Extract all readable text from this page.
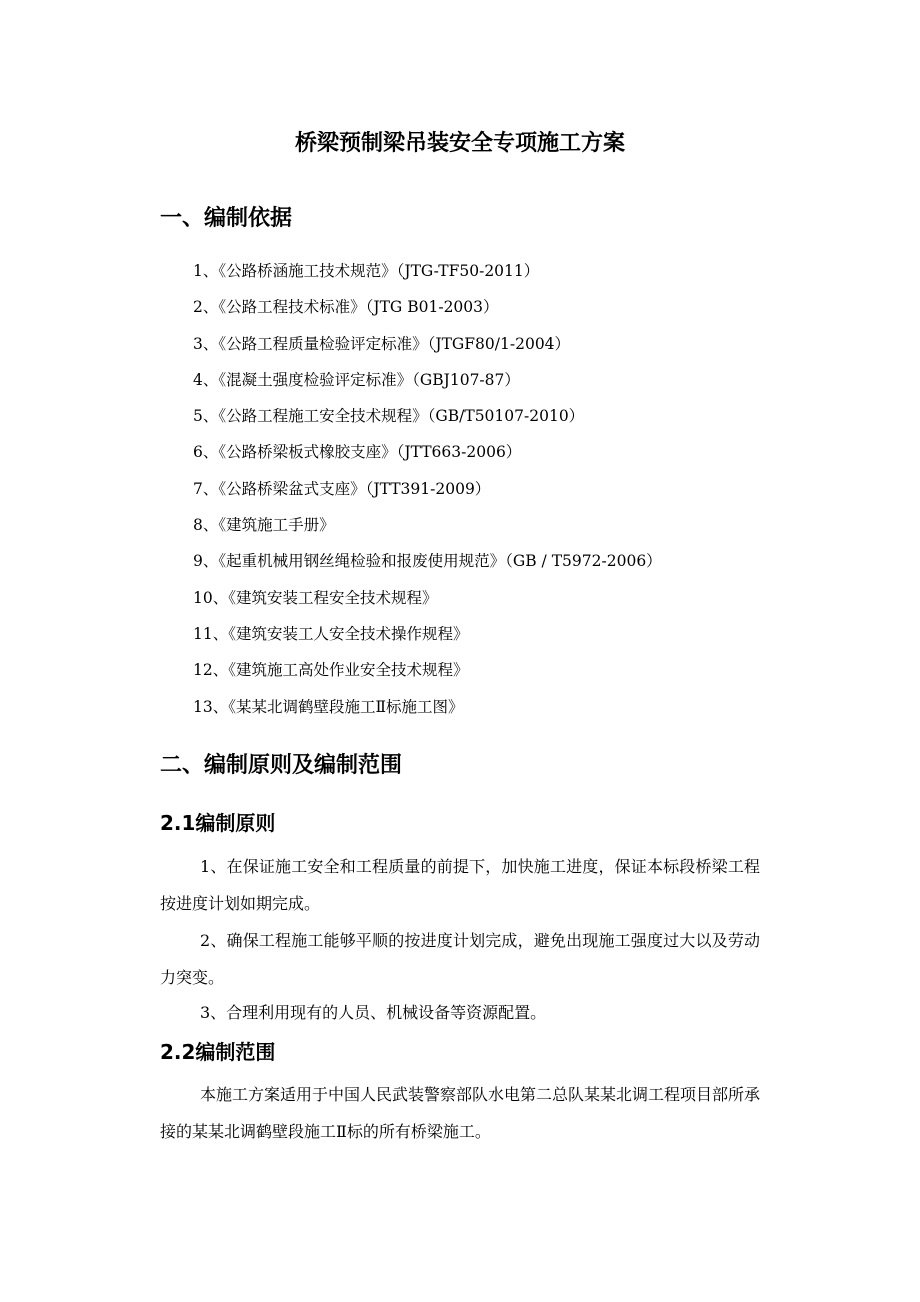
桥梁预制梁吊装安全专项施工方案
一、编制依据
1、《公路桥涵施工技术规范》（JTG-TF50-2011）
2、《公路工程技术标准》（JTG B01-2003）
3、《公路工程质量检验评定标准》（JTGF80/1-2004）
4、《混凝土强度检验评定标准》（GBJ107-87）
5、《公路工程施工安全技术规程》（GB/T50107-2010）
6、《公路桥梁板式橡胶支座》（JTT663-2006）
7、《公路桥梁盆式支座》（JTT391-2009）
8、《建筑施工手册》
9、《起重机械用钢丝绳检验和报废使用规范》（GB / T5972-2006）
10、《建筑安装工程安全技术规程》
11、《建筑安装工人安全技术操作规程》
12、《建筑施工高处作业安全技术规程》
13、《某某北调鹤壁段施工Ⅱ标施工图》
二、编制原则及编制范围
2.1编制原则

1、在保证施工安全和工程质量的前提下，加快施工进度，保证本标段桥梁工程按进度计划如期完成。

2、确保工程施工能够平顺的按进度计划完成，避免出现施工强度过大以及劳动力突变。

3、合理利用现有的人员、机械设备等资源配置。

2.2编制范围

本施工方案适用于中国人民武装警察部队水电第二总队某某北调工程项目部所承接的某某北调鹤壁段施工Ⅱ标的所有桥梁施工。
